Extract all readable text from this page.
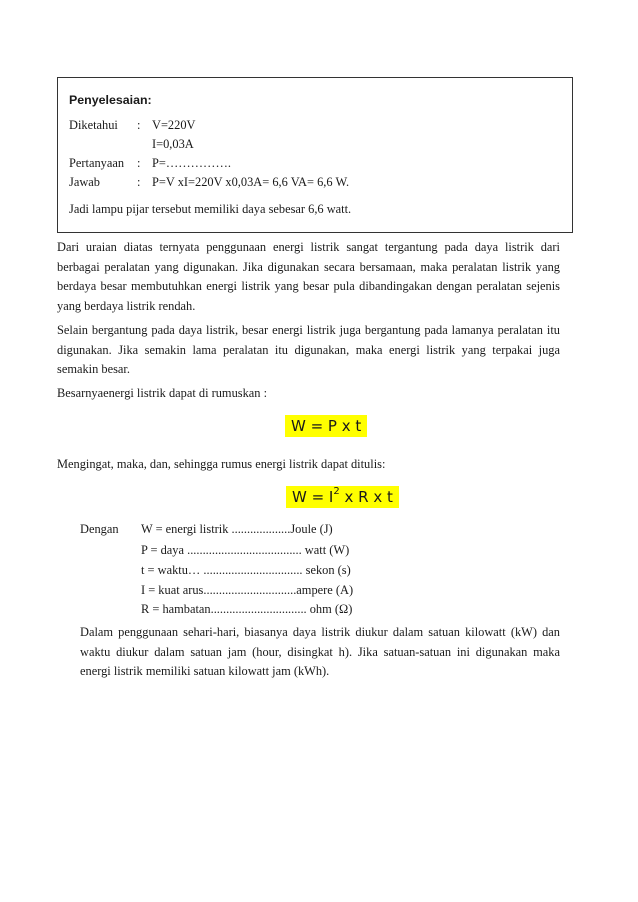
Penyelesaian:
Diketahui : V=220V
I=0,03A
Pertanyaan : P=…………….
Jawab	: P=V xI=220V x0,03A= 6,6 VA= 6,6 W.
Jadi lampu pijar tersebut memiliki daya sebesar 6,6 watt.

Dari uraian diatas ternyata penggunaan energi listrik sangat tergantung pada daya listrik dari berbagai peralatan yang digunakan. Jika digunakan secara bersamaan, maka peralatan listrik yang berdaya besar membutuhkan energi listrik yang besar pula dibandingakan dengan peralatan sejenis yang berdaya listrik rendah.

Selain bergantung pada daya listrik, besar energi listrik juga bergantung pada lamanya peralatan itu digunakan. Jika semakin lama peralatan itu digunakan, maka energi listrik yang terpakai juga semakin besar.

Besarnyaenergi listrik dapat di rumuskan :

W = P x t

Mengingat, maka, dan, sehingga rumus energi listrik dapat ditulis:

$W = I^2$ x R x t
Dengan W = energi listrik ...................Joule (J)
P = daya ..................................... watt (W)
t = waktu… ................................ sekon (s)
I = kuat arus..............................ampere (A)
R = hambatan............................... ohm (Ω)

Dalam penggunaan sehari-hari, biasanya daya listrik diukur dalam satuan kilowatt (kW) dan waktu diukur dalam satuan jam (hour, disingkat h). Jika satuan-satuan ini digunakan maka energi listrik memiliki satuan kilowatt jam (kWh).
